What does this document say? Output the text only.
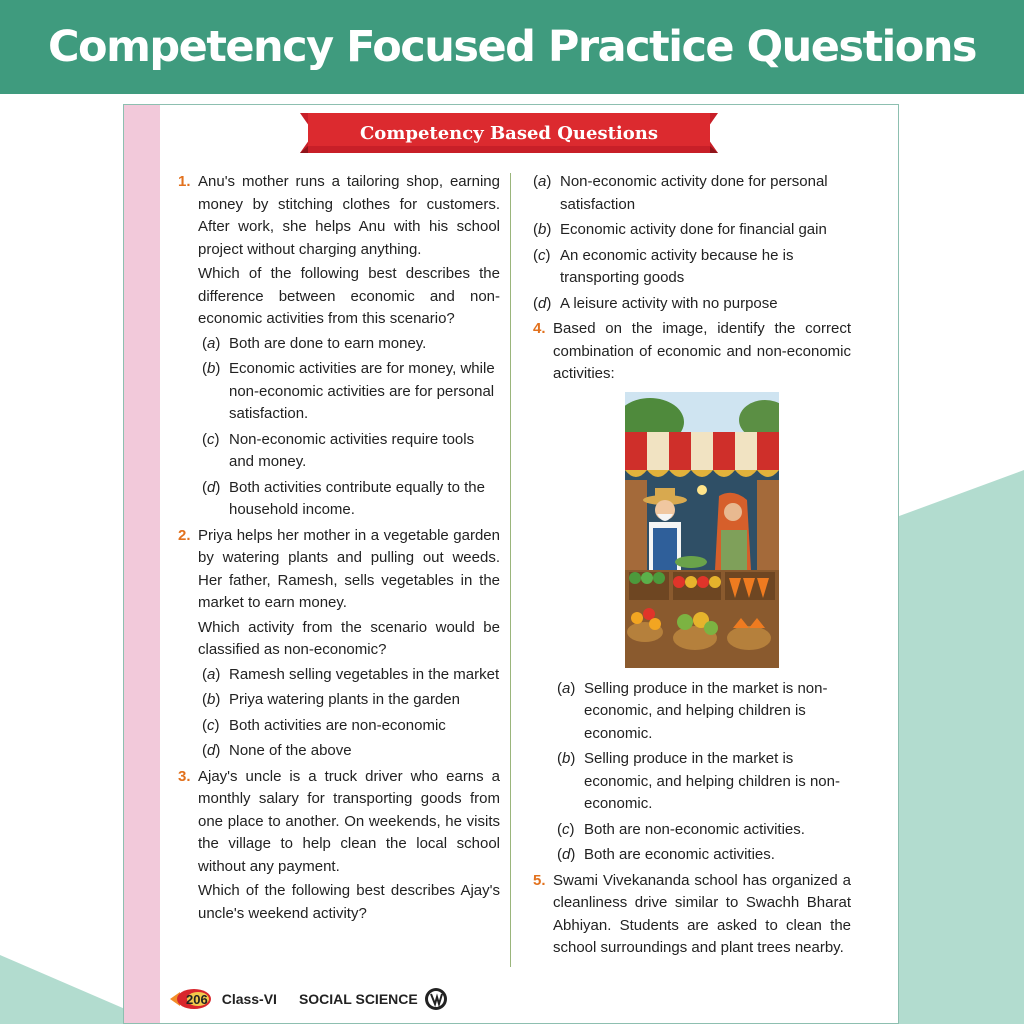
Competency Focused Practice Questions
Competency Based Questions
1. Anu's mother runs a tailoring shop, earning money by stitching clothes for customers. After work, she helps Anu with his school project without charging anything.

Which of the following best describes the difference between economic and non-economic activities from this scenario?

(a) Both are done to earn money.
(b) Economic activities are for money, while non-economic activities are for personal satisfaction.
(c) Non-economic activities require tools and money.
(d) Both activities contribute equally to the household income.
2. Priya helps her mother in a vegetable garden by watering plants and pulling out weeds. Her father, Ramesh, sells vegetables in the market to earn money.

Which activity from the scenario would be classified as non-economic?

(a) Ramesh selling vegetables in the market
(b) Priya watering plants in the garden
(c) Both activities are non-economic
(d) None of the above
3. Ajay's uncle is a truck driver who earns a monthly salary for transporting goods from one place to another. On weekends, he visits the village to help clean the local school without any payment.

Which of the following best describes Ajay's uncle's weekend activity?

(a) Non-economic activity done for personal satisfaction
(b) Economic activity done for financial gain
(c) An economic activity because he is transporting goods
(d) A leisure activity with no purpose
4. Based on the image, identify the correct combination of economic and non-economic activities:

(a) Selling produce in the market is non-economic, and helping children is economic.
(b) Selling produce in the market is economic, and helping children is non-economic.
(c) Both are non-economic activities.
(d) Both are economic activities.
5. Swami Vivekananda school has organized a cleanliness drive similar to Swachh Bharat Abhiyan. Students are asked to clean the school surroundings and plant trees nearby.

206 Class-VI SOCIAL SCIENCE
